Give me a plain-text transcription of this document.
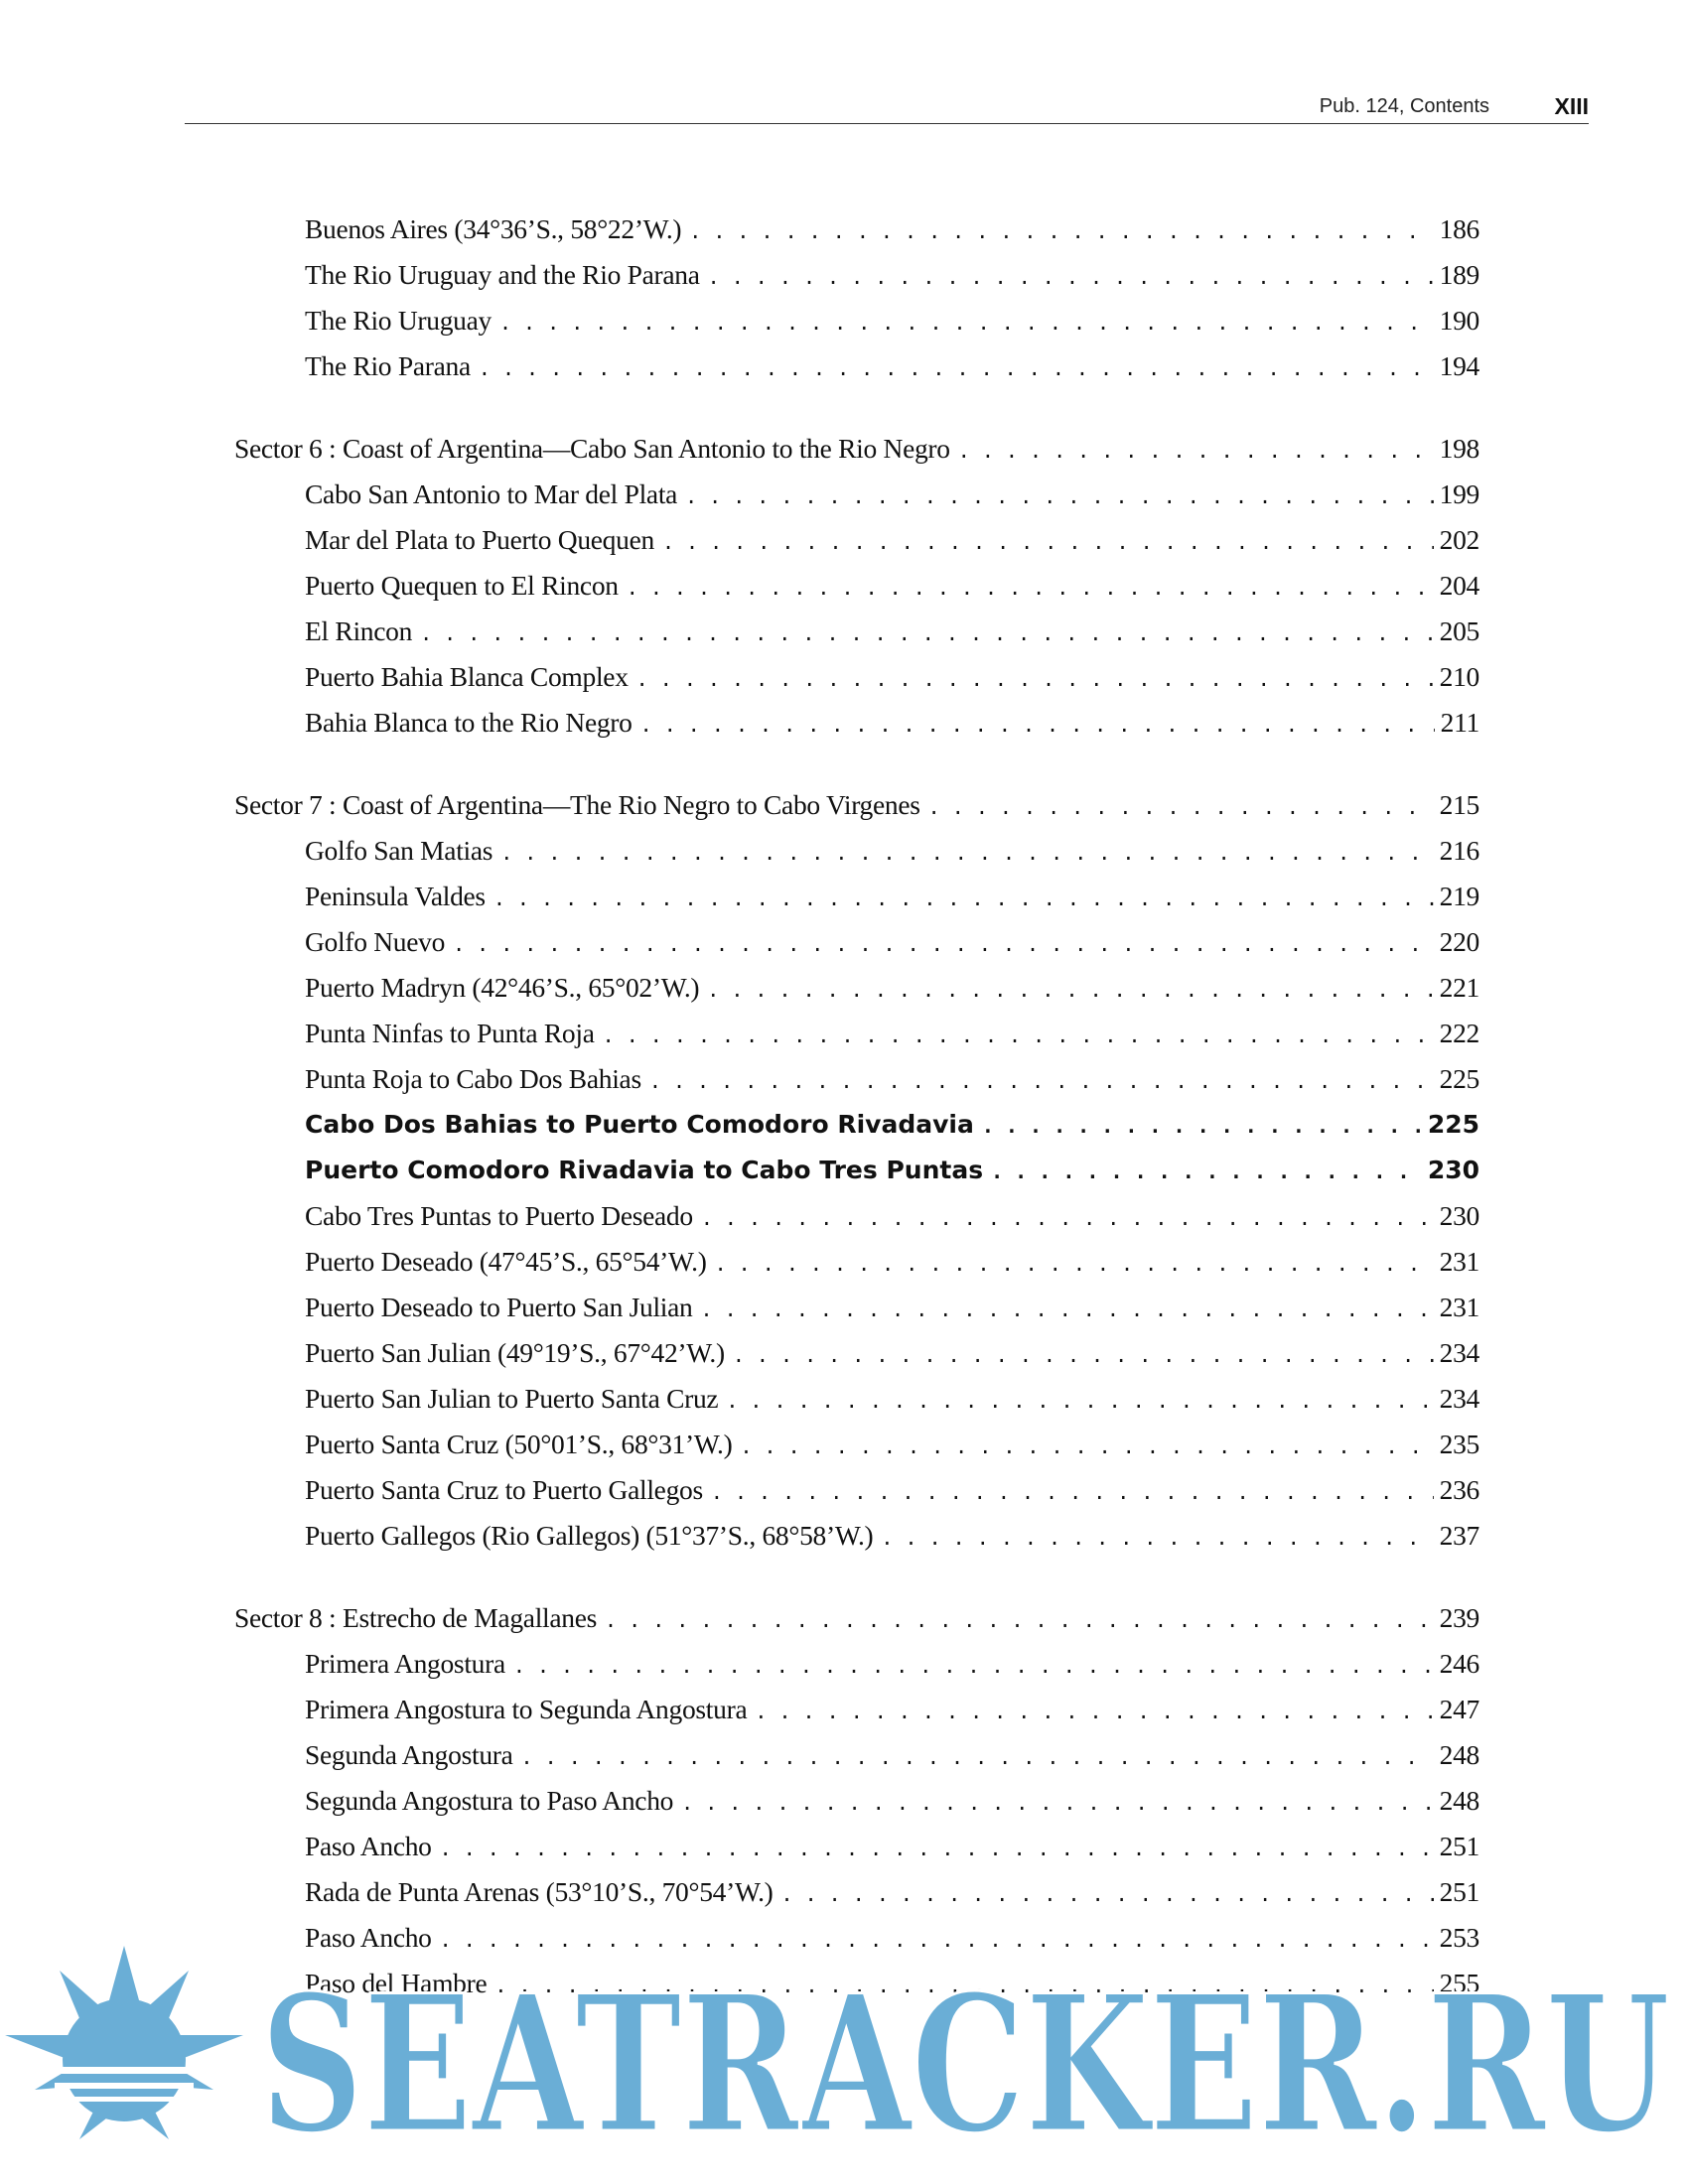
Pub. 124, Contents	XIII
Buenos Aires (34°36’S., 58°22’W.) . . .	186
The Rio Uruguay and the Rio Parana . . .	189
The Rio Uruguay . . .	190
The Rio Parana . . .	194
Sector 6 : Coast of Argentina—Cabo San Antonio to the Rio Negro . . .	198
Cabo San Antonio to Mar del Plata . . .	199
Mar del Plata to Puerto Quequen . . .	202
Puerto Quequen to El Rincon . . .	204
El Rincon . . .	205
Puerto Bahia Blanca Complex . . .	210
Bahia Blanca to the Rio Negro . . .	211
Sector 7 : Coast of Argentina—The Rio Negro to Cabo Virgenes . . .	215
Golfo San Matias . . .	216
Peninsula Valdes . . .	219
Golfo Nuevo . . .	220
Puerto Madryn (42°46’S., 65°02’W.) . . .	221
Punta Ninfas to Punta Roja . . .	222
Punta Roja to Cabo Dos Bahias . . .	225
Cabo Dos Bahias to Puerto Comodoro Rivadavia . . .	225
Puerto Comodoro Rivadavia to Cabo Tres Puntas . . .	230
Cabo Tres Puntas to Puerto Deseado . . .	230
Puerto Deseado (47°45’S., 65°54’W.) . . .	231
Puerto Deseado to Puerto San Julian . . .	231
Puerto San Julian (49°19’S., 67°42’W.) . . .	234
Puerto San Julian to Puerto Santa Cruz . . .	234
Puerto Santa Cruz (50°01’S., 68°31’W.) . . .	235
Puerto Santa Cruz to Puerto Gallegos . . .	236
Puerto Gallegos (Rio Gallegos) (51°37’S., 68°58’W.) . . .	237
Sector 8 : Estrecho de Magallanes . . .	239
Primera Angostura . . .	246
Primera Angostura to Segunda Angostura . . .	247
Segunda Angostura . . .	248
Segunda Angostura to Paso Ancho . . .	248
Paso Ancho . . .	251
Rada de Punta Arenas (53°10’S., 70°54’W.) . . .	251
Paso Ancho . . .	253
Paso del Hambre . . .	255
SEATRACKER.RU
